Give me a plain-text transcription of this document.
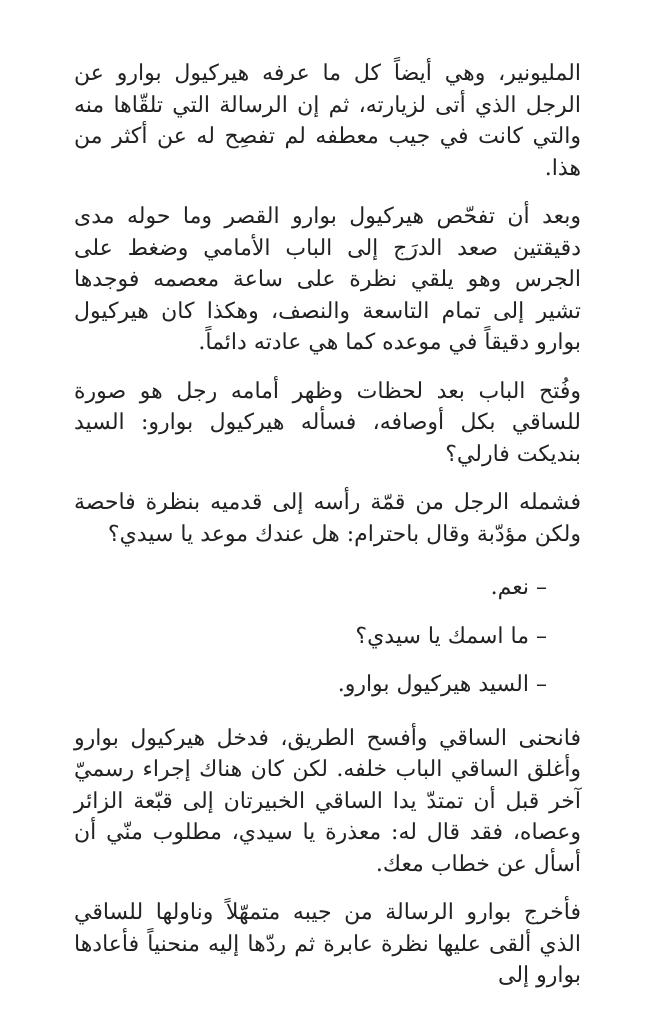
المليونير، وهي أيضاً كل ما عرفه هيركيول بوارو عن الرجل الذي أتى لزيارته، ثم إن الرسالة التي تلقّاها منه والتي كانت في جيب معطفه لم تفصِح له عن أكثر من هذا.

وبعد أن تفحّص هيركيول بوارو القصر وما حوله مدى دقيقتين صعد الدرَج إلى الباب الأمامي وضغط على الجرس وهو يلقي نظرة على ساعة معصمه فوجدها تشير إلى تمام التاسعة والنصف، وهكذا كان هيركيول بوارو دقيقاً في موعده كما هي عادته دائماً.

وفُتح الباب بعد لحظات وظهر أمامه رجل هو صورة للساقي بكل أوصافه، فسأله هيركيول بوارو: السيد بنديكت فارلي؟

فشمله الرجل من قمّة رأسه إلى قدميه بنظرة فاحصة ولكن مؤدّبة وقال باحترام: هل عندك موعد يا سيدي؟

– نعم.

– ما اسمك يا سيدي؟

– السيد هيركيول بوارو.

فانحنى الساقي وأفسح الطريق، فدخل هيركيول بوارو وأغلق الساقي الباب خلفه. لكن كان هناك إجراء رسميّ آخر قبل أن تمتدّ يدا الساقي الخبيرتان إلى قبّعة الزائر وعصاه، فقد قال له: معذرة يا سيدي، مطلوب منّي أن أسأل عن خطاب معك.

فأخرج بوارو الرسالة من جيبه متمهّلاً وناولها للساقي الذي ألقى عليها نظرة عابرة ثم ردّها إليه منحنياً فأعادها بوارو إلى
